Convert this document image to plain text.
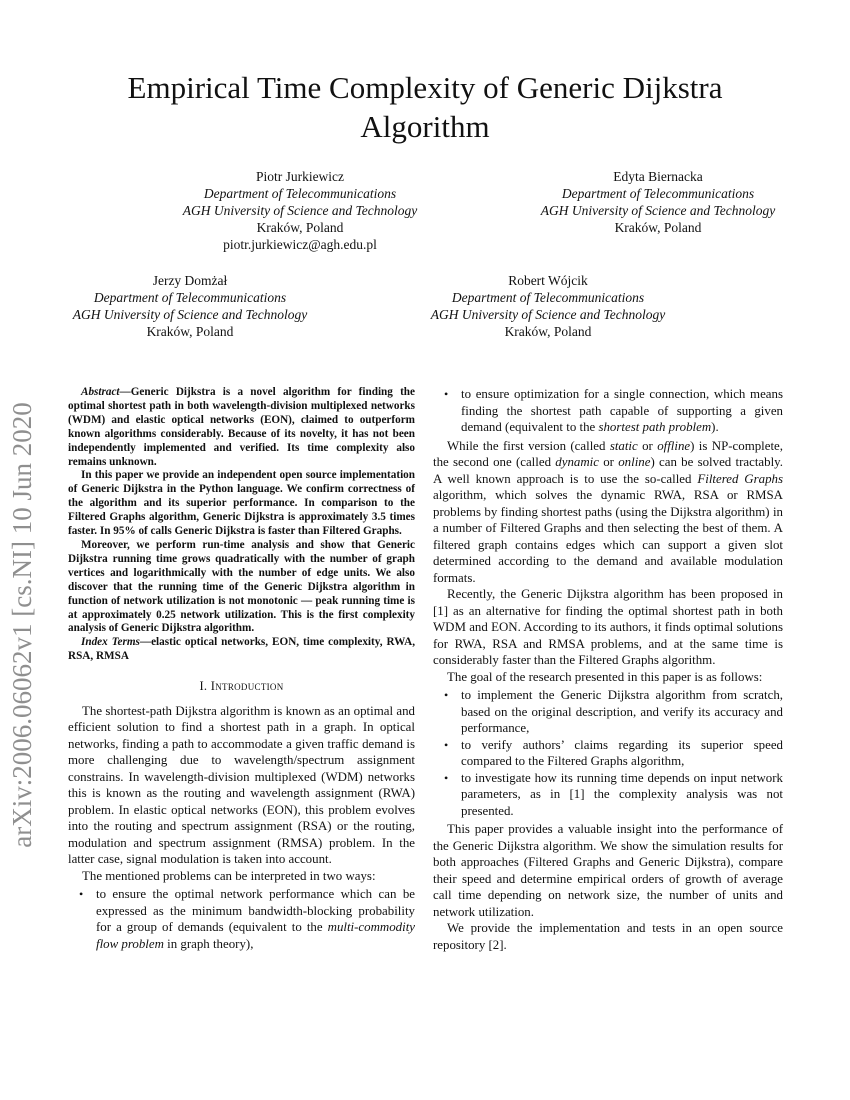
arXiv:2006.06062v1 [cs.NI] 10 Jun 2020
Empirical Time Complexity of Generic Dijkstra Algorithm
Piotr Jurkiewicz
Department of Telecommunications
AGH University of Science and Technology
Kraków, Poland
piotr.jurkiewicz@agh.edu.pl
Edyta Biernacka
Department of Telecommunications
AGH University of Science and Technology
Kraków, Poland
Jerzy Domżał
Department of Telecommunications
AGH University of Science and Technology
Kraków, Poland
Robert Wójcik
Department of Telecommunications
AGH University of Science and Technology
Kraków, Poland

Abstract—Generic Dijkstra is a novel algorithm for finding the optimal shortest path in both wavelength-division multiplexed networks (WDM) and elastic optical networks (EON), claimed to outperform known algorithms considerably. Because of its novelty, it has not been independently implemented and verified. Its time complexity also remains unknown.

In this paper we provide an independent open source implementation of Generic Dijkstra in the Python language. We confirm correctness of the algorithm and its superior performance. In comparison to the Filtered Graphs algorithm, Generic Dijkstra is approximately 3.5 times faster. In 95% of calls Generic Dijkstra is faster than Filtered Graphs.

Moreover, we perform run-time analysis and show that Generic Dijkstra running time grows quadratically with the number of graph vertices and logarithmically with the number of edge units. We also discover that the running time of the Generic Dijkstra algorithm in function of network utilization is not monotonic — peak running time is at approximately 0.25 network utilization. This is the first complexity analysis of Generic Dijkstra algorithm.

Index Terms—elastic optical networks, EON, time complexity, RWA, RSA, RMSA

I. Introduction

The shortest-path Dijkstra algorithm is known as an optimal and efficient solution to find a shortest path in a graph. In optical networks, finding a path to accommodate a given traffic demand is more challenging due to wavelength/spectrum assignment constrains. In wavelength-division multiplexed (WDM) networks this is known as the routing and wavelength assignment (RWA) problem. In elastic optical networks (EON), this problem evolves into the routing and spectrum assignment (RSA) or the routing, modulation and spectrum assignment (RMSA) problem. In the latter case, signal modulation is taken into account.

The mentioned problems can be interpreted in two ways:

• to ensure the optimal network performance which can be expressed as the minimum bandwidth-blocking probability for a group of demands (equivalent to the multi-commodity flow problem in graph theory),
• to ensure optimization for a single connection, which means finding the shortest path capable of supporting a given demand (equivalent to the shortest path problem).

While the first version (called static or offline) is NP-complete, the second one (called dynamic or online) can be solved tractably. A well known approach is to use the so-called Filtered Graphs algorithm, which solves the dynamic RWA, RSA or RMSA problems by finding shortest paths (using the Dijkstra algorithm) in a number of Filtered Graphs and then selecting the best of them. A filtered graph contains edges which can support a given slot determined according to the demand and available modulation formats.

Recently, the Generic Dijkstra algorithm has been proposed in [1] as an alternative for finding the optimal shortest path in both WDM and EON. According to its authors, it finds optimal solutions for RWA, RSA and RMSA problems, and at the same time is considerably faster than the Filtered Graphs algorithm.

The goal of the research presented in this paper is as follows:

• to implement the Generic Dijkstra algorithm from scratch, based on the original description, and verify its accuracy and performance,
• to verify authors’ claims regarding its superior speed compared to the Filtered Graphs algorithm,
• to investigate how its running time depends on input network parameters, as in [1] the complexity analysis was not presented.

This paper provides a valuable insight into the performance of the Generic Dijkstra algorithm. We show the simulation results for both approaches (Filtered Graphs and Generic Dijkstra), compare their speed and determine empirical orders of growth of average call time depending on network size, the number of units and network utilization.

We provide the implementation and tests in an open source repository [2].
